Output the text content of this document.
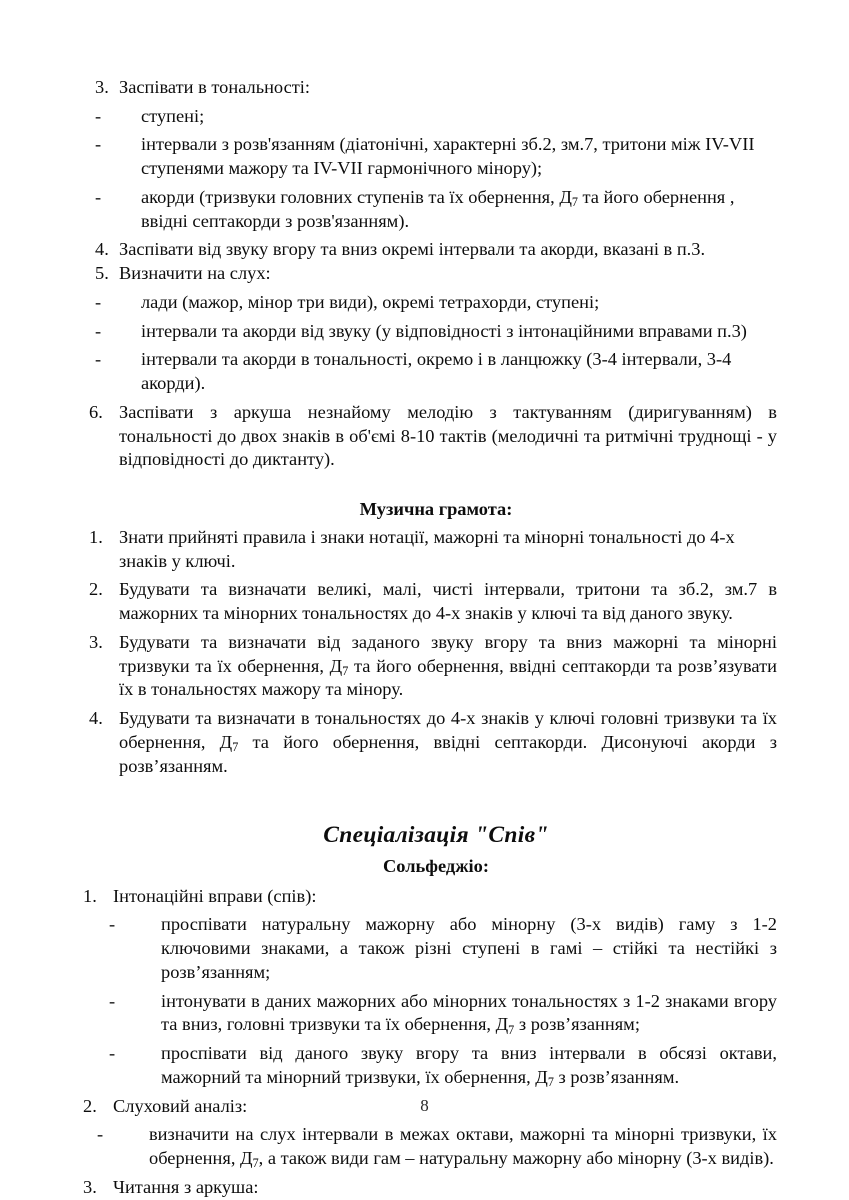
3. Заспівати в тональності:
-	ступені;
-	інтервали з розв'язанням (діатонічні, характерні зб.2, зм.7, тритони між IV-VII ступенями мажору та IV-VII гармонічного мінору);
-	акорди (тризвуки головних ступенів та їх обернення, $Д_7$ та його обернення , ввідні септакорди з розв'язанням).
4. Заспівати від звуку вгору та вниз окремі інтервали та акорди, вказані в п.3.
5. Визначити на слух:
-	лади (мажор, мінор три види), окремі тетрахорди, ступені;
-	інтервали та акорди від звуку (у відповідності з інтонаційними вправами п.3)
-	інтервали та акорди в тональності, окремо і в ланцюжку (3-4 інтервали, 3-4 акорди).
6. Заспівати з аркуша незнайому мелодію з тактуванням (диригуванням) в тональності до двох знаків в об'ємі 8-10 тактів (мелодичні та ритмічні труднощі - у відповідності до диктанту).
Музична грамота:
1. Знати прийняті правила і знаки нотації, мажорні та мінорні тональності до 4-х знаків у ключі.
2. Будувати та визначати великі, малі, чисті інтервали, тритони та зб.2, зм.7 в мажорних та мінорних тональностях до 4-х знаків у ключі та від даного звуку.
3. Будувати та визначати від заданого звуку вгору та вниз мажорні та мінорні тризвуки та їх обернення, $Д_7$ та його обернення, ввідні септакорди та розв’язувати їх в тональностях мажору та мінору.
4. Будувати та визначати в тональностях до 4-х знаків у ключі головні тризвуки та їх обернення, $Д_7$ та його обернення, ввідні септакорди. Дисонуючі акорди з розв’язанням.
Спеціалізація "Спів"
Сольфеджіо:
1. Інтонаційні вправи (спів):
-	проспівати натуральну мажорну або мінорну (3-х видів) гаму з 1-2 ключовими знаками, а також різні ступені в гамі – стійкі та нестійкі з розв’язанням;
-	інтонувати в даних мажорних або мінорних тональностях з 1-2 знаками вгору та вниз, головні тризвуки та їх обернення, $Д_7$ з розв’язанням;
-	проспівати від даного звуку вгору та вниз інтервали в обсязі октави, мажорний та мінорний тризвуки, їх обернення, $Д_7$ з розв’язанням.
2. Слуховий аналіз:
-	визначити на слух інтервали в межах октави, мажорні та мінорні тризвуки, їх обернення, $Д_7$, а також види гам – натуральну мажорну або мінорну (3-х видів).
3. Читання з аркуша:
8
